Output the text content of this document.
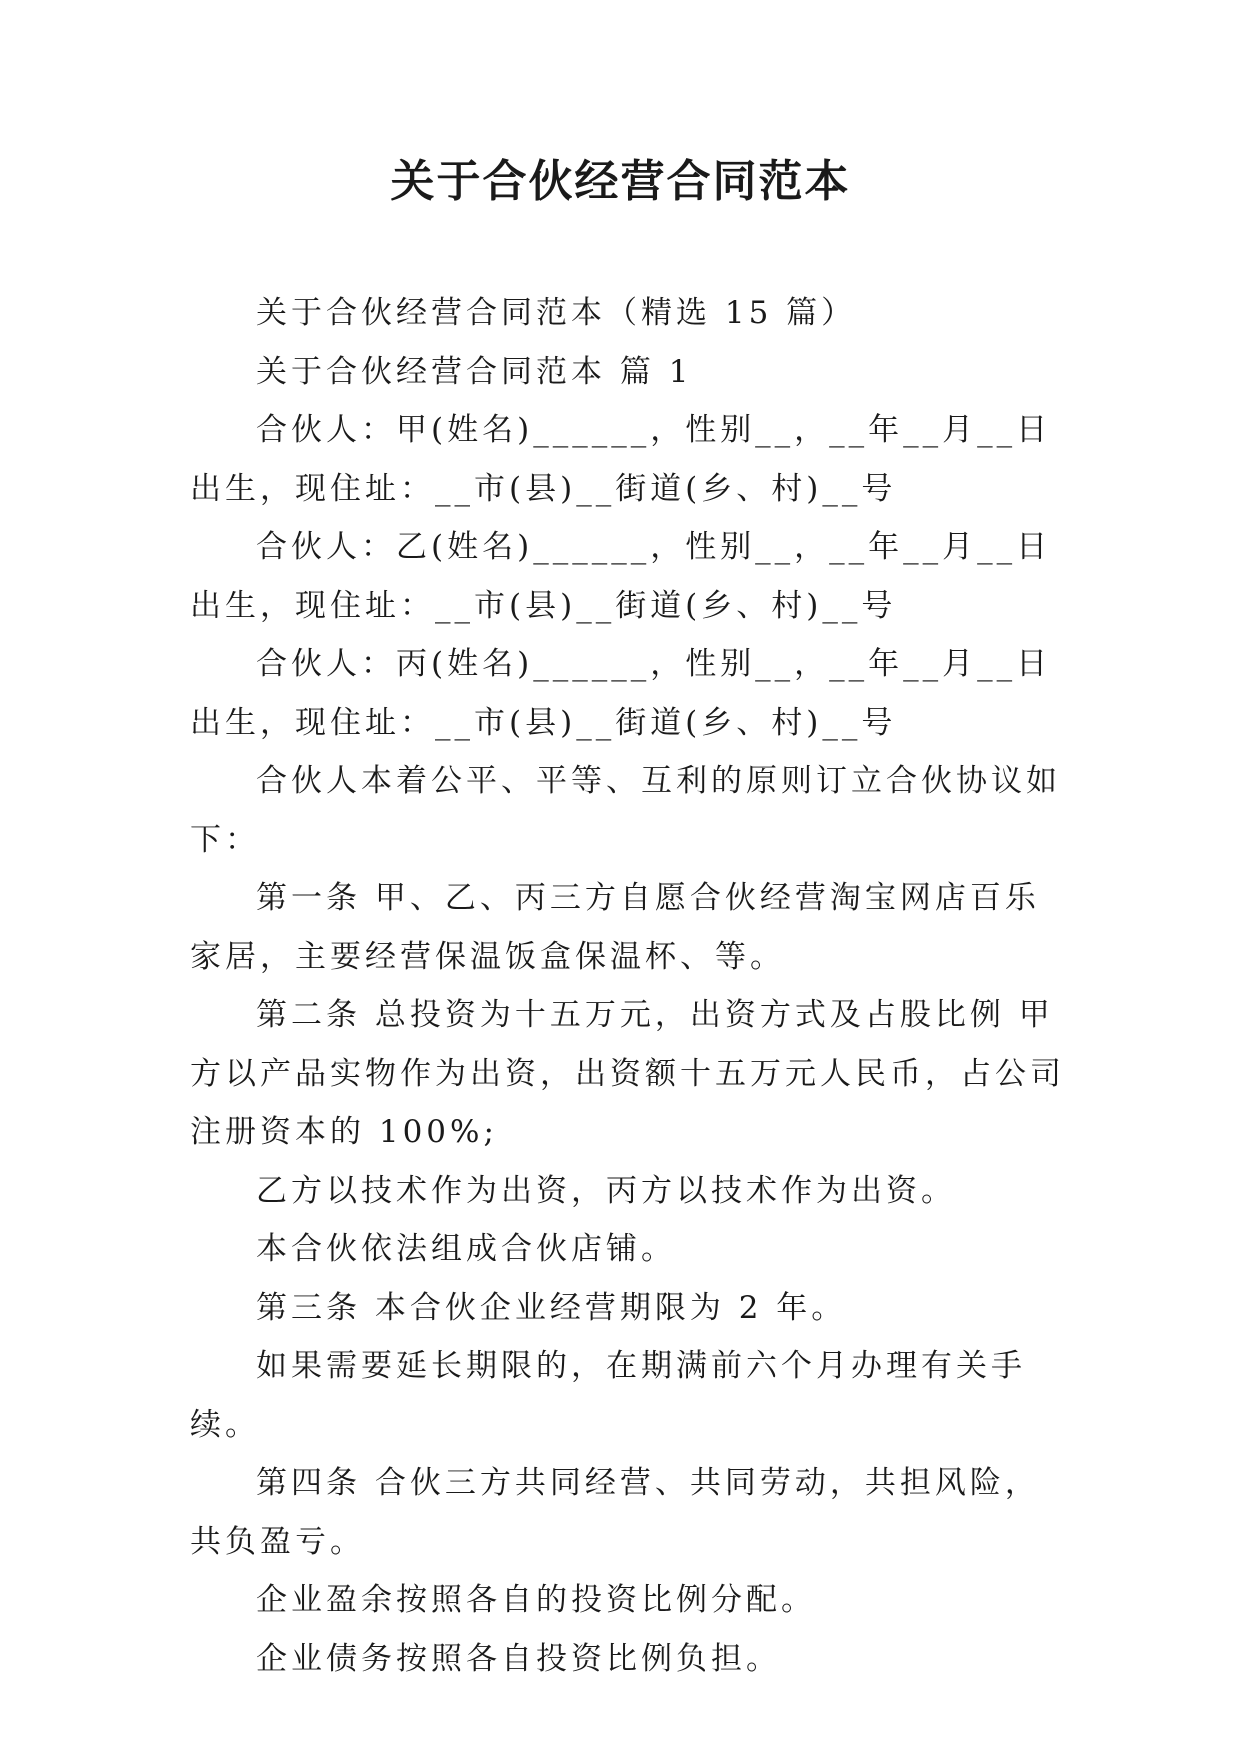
关于合伙经营合同范本

关于合伙经营合同范本（精选 15 篇）

关于合伙经营合同范本 篇 1

合伙人：甲(姓名)______，性别__，__年__月__日出生，现住址：__市(县)__街道(乡、村)__号

合伙人：乙(姓名)______，性别__，__年__月__日出生，现住址：__市(县)__街道(乡、村)__号

合伙人：丙(姓名)______，性别__，__年__月__日出生，现住址：__市(县)__街道(乡、村)__号

合伙人本着公平、平等、互利的原则订立合伙协议如下：

第一条 甲、乙、丙三方自愿合伙经营淘宝网店百乐家居，主要经营保温饭盒保温杯、等。

第二条 总投资为十五万元，出资方式及占股比例 甲方以产品实物作为出资，出资额十五万元人民币，占公司注册资本的 100%;

乙方以技术作为出资，丙方以技术作为出资。

本合伙依法组成合伙店铺。

第三条 本合伙企业经营期限为 2 年。

如果需要延长期限的，在期满前六个月办理有关手续。

第四条 合伙三方共同经营、共同劳动，共担风险，共负盈亏。

企业盈余按照各自的投资比例分配。

企业债务按照各自投资比例负担。
